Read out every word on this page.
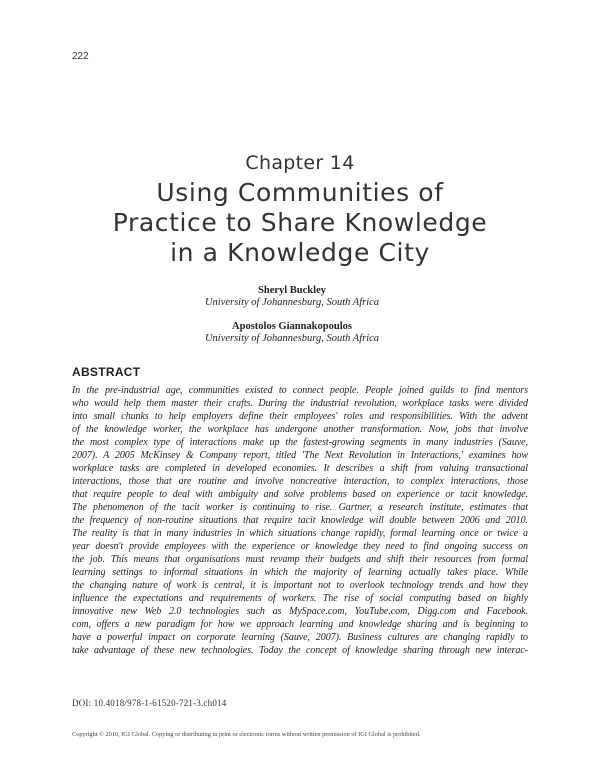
222
Chapter 14
Using Communities of
Practice to Share Knowledge
in a Knowledge City
Sheryl Buckley
University of Johannesburg, South Africa
Apostolos Giannakopoulos
University of Johannesburg, South Africa
ABSTRACT
In the pre-industrial age, communities existed to connect people. People joined guilds to find mentors
who would help them master their crafts. During the industrial revolution, workplace tasks were divided
into small chunks to help employers define their employees' roles and responsibilities. With the advent
of the knowledge worker, the workplace has undergone another transformation. Now, jobs that involve
the most complex type of interactions make up the fastest-growing segments in many industries (Sauve,
2007). A 2005 McKinsey & Company report, titled 'The Next Revolution in Interactions,' examines how
workplace tasks are completed in developed economies. It describes a shift from valuing transactional
interactions, those that are routine and involve noncreative interaction, to complex interactions, those
that require people to deal with ambiguity and solve problems based on experience or tacit knowledge.
The phenomenon of the tacit worker is continuing to rise. Gartner, a research institute, estimates that
the frequency of non-routine situations that require tacit knowledge will double between 2006 and 2010.
The reality is that in many industries in which situations change rapidly, formal learning once or twice a
year doesn't provide employees with the experience or knowledge they need to find ongoing success on
the job. This means that organisations must revamp their budgets and shift their resources from formal
learning settings to informal situations in which the majority of learning actually takes place. While
the changing nature of work is central, it is important not to overlook technology trends and how they
influence the expectations and requirements of workers. The rise of social computing based on highly
innovative new Web 2.0 technologies such as MySpace.com, YouTube.com, Digg.com and Facebook.
com, offers a new paradigm for how we approach learning and knowledge sharing and is beginning to
have a powerful impact on corporate learning (Sauve, 2007). Business cultures are changing rapidly to
take advantage of these new technologies. Today the concept of knowledge sharing through new interac-
DOI: 10.4018/978-1-61520-721-3.ch014
Copyright © 2010, IGI Global. Copying or distributing in print or electronic forms without written permission of IGI Global is prohibited.
